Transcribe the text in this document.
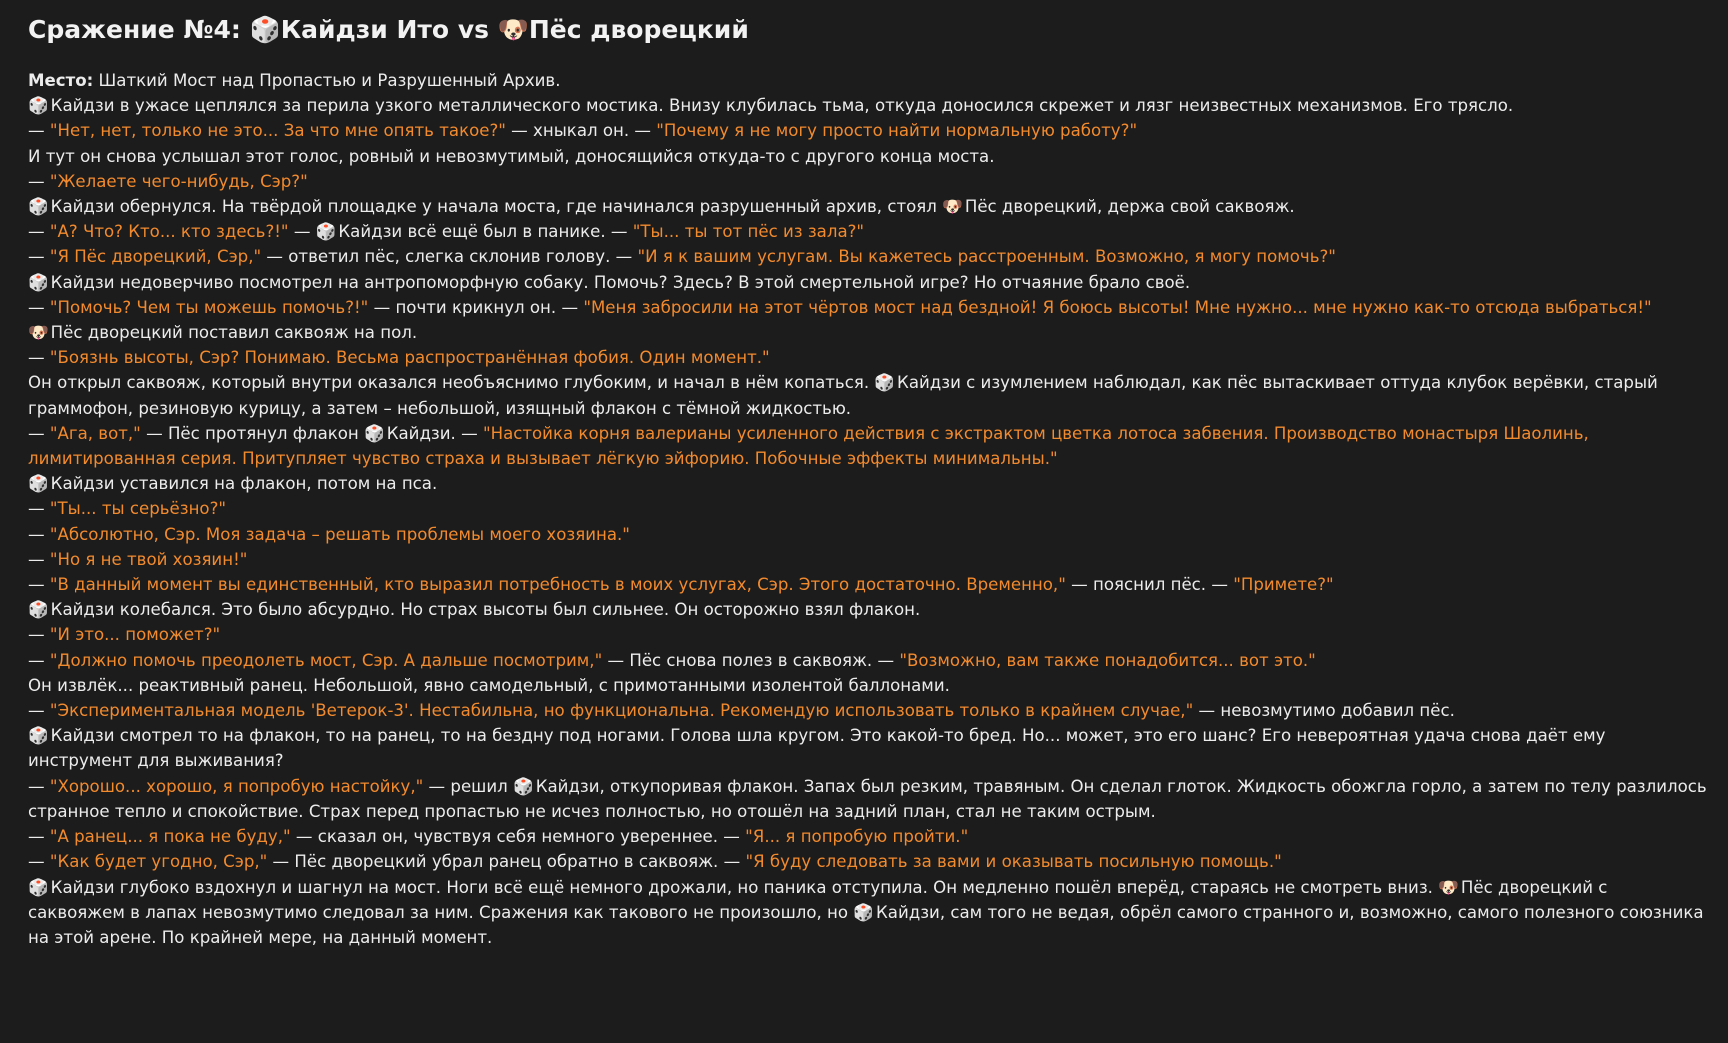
Сражение №4: 🎲Кайдзи Ито vs 🐶Пёс дворецкий

Место: Шаткий Мост над Пропастью и Разрушенный Архив.

🎲 Кайдзи в ужасе цеплялся за перила узкого металлического мостика. Внизу клубилась тьма, откуда доносился скрежет и лязг неизвестных механизмов. Его трясло.

— "Нет, нет, только не это... За что мне опять такое?" — хныкал он. — "Почему я не могу просто найти нормальную работу?"

И тут он снова услышал этот голос, ровный и невозмутимый, доносящийся откуда-то с другого конца моста.

— "Желаете чего-нибудь, Сэр?"

🎲 Кайдзи обернулся. На твёрдой площадке у начала моста, где начинался разрушенный архив, стоял 🐶 Пёс дворецкий, держа свой саквояж.

— "А? Что? Кто... кто здесь?!" — 🎲 Кайдзи всё ещё был в панике. — "Ты... ты тот пёс из зала?"

— "Я Пёс дворецкий, Сэр," — ответил пёс, слегка склонив голову. — "И я к вашим услугам. Вы кажетесь расстроенным. Возможно, я могу помочь?"

🎲 Кайдзи недоверчиво посмотрел на антропоморфную собаку. Помочь? Здесь? В этой смертельной игре? Но отчаяние брало своё.

— "Помочь? Чем ты можешь помочь?!" — почти крикнул он. — "Меня забросили на этот чёртов мост над бездной! Я боюсь высоты! Мне нужно... мне нужно как-то отсюда выбраться!"

🐶 Пёс дворецкий поставил саквояж на пол.

— "Боязнь высоты, Сэр? Понимаю. Весьма распространённая фобия. Один момент."

Он открыл саквояж, который внутри оказался необъяснимо глубоким, и начал в нём копаться. 🎲 Кайдзи с изумлением наблюдал, как пёс вытаскивает оттуда клубок верёвки, старый граммофон, резиновую курицу, а затем – небольшой, изящный флакон с тёмной жидкостью.

— "Ага, вот," — Пёс протянул флакон 🎲 Кайдзи. — "Настойка корня валерианы усиленного действия с экстрактом цветка лотоса забвения. Производство монастыря Шаолинь, лимитированная серия. Притупляет чувство страха и вызывает лёгкую эйфорию. Побочные эффекты минимальны."

🎲 Кайдзи уставился на флакон, потом на пса.

— "Ты... ты серьёзно?"

— "Абсолютно, Сэр. Моя задача – решать проблемы моего хозяина."

— "Но я не твой хозяин!"

— "В данный момент вы единственный, кто выразил потребность в моих услугах, Сэр. Этого достаточно. Временно," — пояснил пёс. — "Примете?"

🎲 Кайдзи колебался. Это было абсурдно. Но страх высоты был сильнее. Он осторожно взял флакон.

— "И это... поможет?"

— "Должно помочь преодолеть мост, Сэр. А дальше посмотрим," — Пёс снова полез в саквояж. — "Возможно, вам также понадобится... вот это."

Он извлёк... реактивный ранец. Небольшой, явно самодельный, с примотанными изолентой баллонами.

— "Экспериментальная модель 'Ветерок-3'. Нестабильна, но функциональна. Рекомендую использовать только в крайнем случае," — невозмутимо добавил пёс.

🎲 Кайдзи смотрел то на флакон, то на ранец, то на бездну под ногами. Голова шла кругом. Это какой-то бред. Но... может, это его шанс? Его невероятная удача снова даёт ему инструмент для выживания?

— "Хорошо... хорошо, я попробую настойку," — решил 🎲 Кайдзи, откупоривая флакон. Запах был резким, травяным. Он сделал глоток. Жидкость обожгла горло, а затем по телу разлилось странное тепло и спокойствие. Страх перед пропастью не исчез полностью, но отошёл на задний план, стал не таким острым.

— "А ранец... я пока не буду," — сказал он, чувствуя себя немного увереннее. — "Я... я попробую пройти."

— "Как будет угодно, Сэр," — Пёс дворецкий убрал ранец обратно в саквояж. — "Я буду следовать за вами и оказывать посильную помощь."

🎲 Кайдзи глубоко вздохнул и шагнул на мост. Ноги всё ещё немного дрожали, но паника отступила. Он медленно пошёл вперёд, стараясь не смотреть вниз. 🐶 Пёс дворецкий с саквояжем в лапах невозмутимо следовал за ним. Сражения как такового не произошло, но 🎲 Кайдзи, сам того не ведая, обрёл самого странного и, возможно, самого полезного союзника на этой арене. По крайней мере, на данный момент.
